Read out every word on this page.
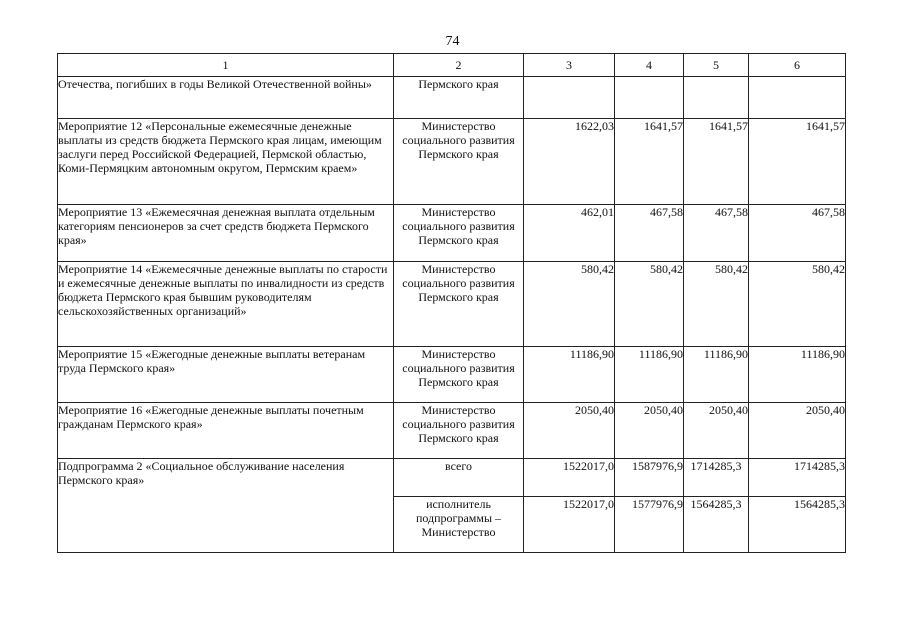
74
1	2	3	4	5	6
Отечества, погибших в годы Великой Отечественной войны»	Пермского края				
Мероприятие 12 «Персональные ежемесячные денежные выплаты из средств бюджета Пермского края лицам, имеющим заслуги перед Российской Федерацией, Пермской областью, Коми-Пермяцким автономным округом, Пермским краем»	Министерство социального развития Пермского края	1622,03	1641,57	1641,57	1641,57
Мероприятие 13 «Ежемесячная денежная выплата отдельным категориям пенсионеров за счет средств бюджета Пермского края»	Министерство социального развития Пермского края	462,01	467,58	467,58	467,58
Мероприятие 14 «Ежемесячные денежные выплаты по старости и ежемесячные денежные выплаты по инвалидности из средств бюджета Пермского края бывшим руководителям сельскохозяйственных организаций»	Министерство социального развития Пермского края	580,42	580,42	580,42	580,42
Мероприятие 15 «Ежегодные денежные выплаты ветеранам труда Пермского края»	Министерство социального развития Пермского края	11186,90	11186,90	11186,90	11186,90
Мероприятие 16 «Ежегодные денежные выплаты почетным гражданам Пермского края»	Министерство социального развития Пермского края	2050,40	2050,40	2050,40	2050,40
Подпрограмма 2 «Социальное обслуживание населения Пермского края»	всего	1522017,0	1587976,9	1714285,3	1714285,3
	исполнитель подпрограммы – Министерство	1522017,0	1577976,9	1564285,3	1564285,3
